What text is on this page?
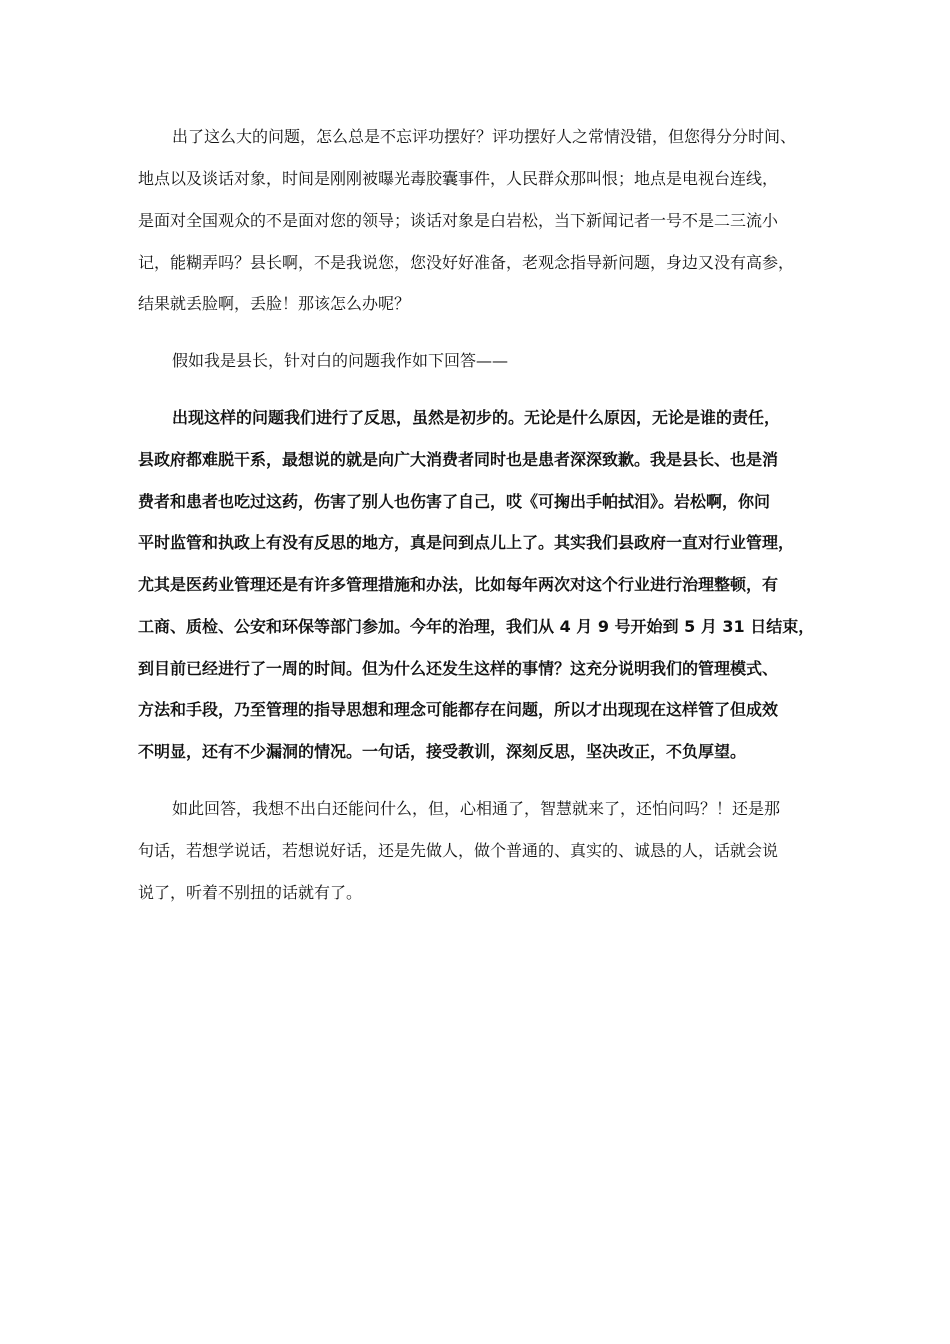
出了这么大的问题，怎么总是不忘评功摆好？评功摆好人之常情没错，但您得分分时间、
地点以及谈话对象，时间是刚刚被曝光毒胶囊事件，人民群众那叫恨；地点是电视台连线，
是面对全国观众的不是面对您的领导；谈话对象是白岩松，当下新闻记者一号不是二三流小
记，能糊弄吗？县长啊，不是我说您，您没好好准备，老观念指导新问题，身边又没有高参，
结果就丢脸啊，丢脸！那该怎么办呢？
假如我是县长，针对白的问题我作如下回答——
出现这样的问题我们进行了反思，虽然是初步的。无论是什么原因，无论是谁的责任，
县政府都难脱干系，最想说的就是向广大消费者同时也是患者深深致歉。我是县长、也是消
费者和患者也吃过这药，伤害了别人也伤害了自己，哎《可掬出手帕拭泪》。岩松啊，你问
平时监管和执政上有没有反思的地方，真是问到点儿上了。其实我们县政府一直对行业管理，
尤其是医药业管理还是有许多管理措施和办法，比如每年两次对这个行业进行治理整顿，有
工商、质检、公安和环保等部门参加。今年的治理，我们从 4 月 9 号开始到 5 月 31 日结束，
到目前已经进行了一周的时间。但为什么还发生这样的事情？这充分说明我们的管理模式、
方法和手段，乃至管理的指导思想和理念可能都存在问题，所以才出现现在这样管了但成效
不明显，还有不少漏洞的情况。一句话，接受教训，深刻反思，坚决改正，不负厚望。
如此回答，我想不出白还能问什么，但，心相通了，智慧就来了，还怕问吗？！还是那
句话，若想学说话，若想说好话，还是先做人，做个普通的、真实的、诚恳的人，话就会说
说了，听着不别扭的话就有了。
